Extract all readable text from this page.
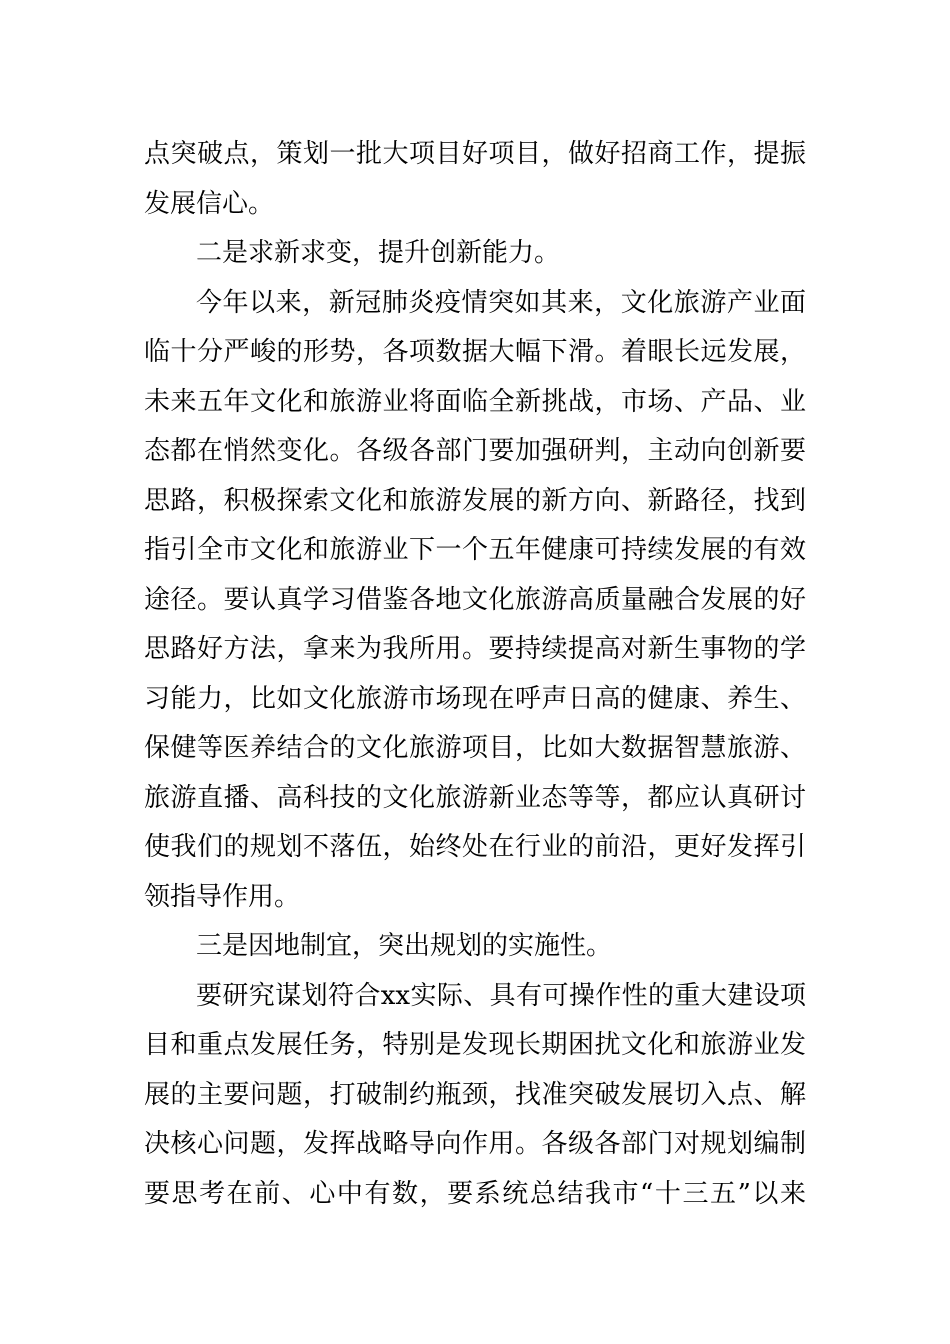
点突破点，策划一批大项目好项目，做好招商工作，提振
发展信心。
二是求新求变，提升创新能力。
今年以来，新冠肺炎疫情突如其来，文化旅游产业面
临十分严峻的形势，各项数据大幅下滑。着眼长远发展，
未来五年文化和旅游业将面临全新挑战，市场、产品、业
态都在悄然变化。各级各部门要加强研判，主动向创新要
思路，积极探索文化和旅游发展的新方向、新路径，找到
指引全市文化和旅游业下一个五年健康可持续发展的有效
途径。要认真学习借鉴各地文化旅游高质量融合发展的好
思路好方法，拿来为我所用。要持续提高对新生事物的学
习能力，比如文化旅游市场现在呼声日高的健康、养生、
保健等医养结合的文化旅游项目，比如大数据智慧旅游、
旅游直播、高科技的文化旅游新业态等等，都应认真研讨
使我们的规划不落伍，始终处在行业的前沿，更好发挥引
领指导作用。
三是因地制宜，突出规划的实施性。
要研究谋划符合xx实际、具有可操作性的重大建设项
目和重点发展任务，特别是发现长期困扰文化和旅游业发
展的主要问题，打破制约瓶颈，找准突破发展切入点、解
决核心问题，发挥战略导向作用。各级各部门对规划编制
要思考在前、心中有数，要系统总结我市“十三五”以来
